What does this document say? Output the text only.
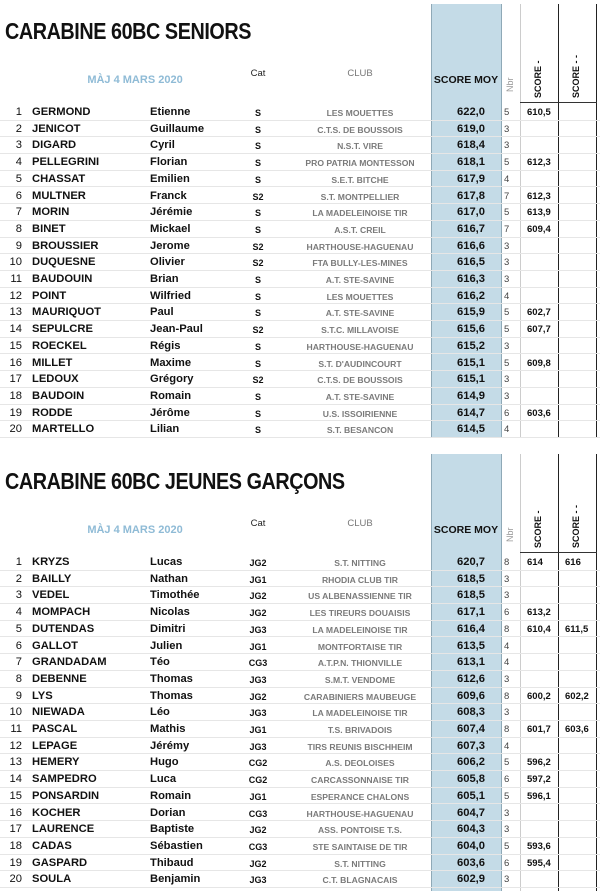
CARABINE 60BC SENIORS
MÀJ 4 MARS 2020
Cat	CLUB
SCORE MOY Nbr SCORE -	SCORE - -
1 GERMOND	Etienne	S	LES MOUETTES	622,0 5 610,5
2 JENICOT	Guillaume	S	C.T.S. DE BOUSSOIS	619,0 3
3 DIGARD	Cyril	S	N.S.T. VIRE	618,4 3
4 PELLEGRINI	Florian	S	PRO PATRIA MONTESSON	618,1 5 612,3
5 CHASSAT	Emilien	S	S.E.T. BITCHE	617,9 4
6 MULTNER	Franck	S2	S.T. MONTPELLIER	617,8 7 612,3
7 MORIN	Jérémie	S	LA MADELEINOISE TIR	617,0 5 613,9
8 BINET	Mickael	S	A.S.T. CREIL	616,7 7 609,4
9 BROUSSIER	Jerome	S2	HARTHOUSE-HAGUENAU	616,6 3
10 DUQUESNE	Olivier	S2	FTA BULLY-LES-MINES	616,5 3
11 BAUDOUIN	Brian	S	A.T. STE-SAVINE	616,3 3
12 POINT	Wilfried	S	LES MOUETTES	616,2 4
13 MAURIQUOT	Paul	S	A.T. STE-SAVINE	615,9 5 602,7
14 SEPULCRE	Jean-Paul	S2	S.T.C. MILLAVOISE	615,6 5 607,7
15 ROECKEL	Régis	S	HARTHOUSE-HAGUENAU	615,2 3
16 MILLET	Maxime	S	S.T. D'AUDINCOURT	615,1 5 609,8
17 LEDOUX	Grégory	S2	C.T.S. DE BOUSSOIS	615,1 3
18 BAUDOIN	Romain	S	A.T. STE-SAVINE	614,9 3
19 RODDE	Jérôme	S	U.S. ISSOIRIENNE	614,7 6 603,6
20 MARTELLO	Lilian	S	S.T. BESANCON	614,5 4
CARABINE 60BC JEUNES GARÇONS
MÀJ 4 MARS 2020
Cat	CLUB
SCORE MOY Nbr SCORE -	SCORE - -
1 KRYZS	Lucas	JG2	S.T. NITTING	620,7 8 614 616
2 BAILLY	Nathan	JG1	RHODIA CLUB TIR	618,5 3
3 VEDEL	Timothée	JG2	US ALBENASSIENNE TIR	618,5 3
4 MOMPACH	Nicolas	JG2	LES TIREURS DOUAISIS	617,1 6 613,2
5 DUTENDAS	Dimitri	JG3	LA MADELEINOISE TIR	616,4 8 610,4 611,5
6 GALLOT	Julien	JG1	MONTFORTAISE TIR	613,5 4
7 GRANDADAM	Téo	CG3	A.T.P.N. THIONVILLE	613,1 4
8 DEBENNE	Thomas	JG3	S.M.T. VENDOME	612,6 3
9 LYS	Thomas	JG2	CARABINIERS MAUBEUGE	609,6 8 600,2 602,2
10 NIEWADA	Léo	JG3	LA MADELEINOISE TIR	608,3 3
11 PASCAL	Mathis	JG1	T.S. BRIVADOIS	607,4 8 601,7 603,6
12 LEPAGE	Jérémy	JG3	TIRS REUNIS BISCHHEIM	607,3 4
13 HEMERY	Hugo	CG2	A.S. DEOLOISES	606,2 5 596,2
14 SAMPEDRO	Luca	CG2	CARCASSONNAISE TIR	605,8 6 597,2
15 PONSARDIN	Romain	JG1	ESPERANCE CHALONS	605,1 5 596,1
16 KOCHER	Dorian	CG3	HARTHOUSE-HAGUENAU	604,7 3
17 LAURENCE	Baptiste	JG2	ASS. PONTOISE T.S.	604,3 3
18 CADAS	Sébastien	CG3	STE SAINTAISE DE TIR	604,0 5 593,6
19 GASPARD	Thibaud	JG2	S.T. NITTING	603,6 6 595,4
20 SOULA	Benjamin	JG3	C.T. BLAGNACAIS	602,9 3
